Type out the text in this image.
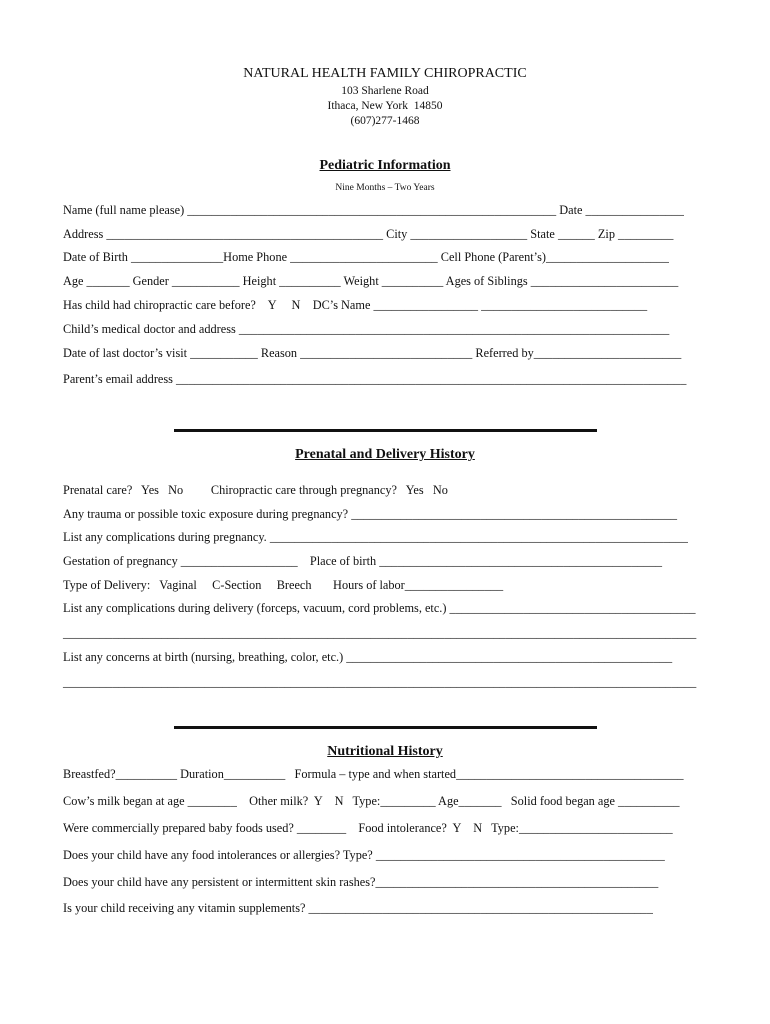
NATURAL HEALTH FAMILY CHIROPRACTIC
103 Sharlene Road
Ithaca, New York  14850
(607)277-1468
Pediatric Information
Nine Months – Two Years
Name (full name please) ____________________________________________________________ Date ________________
Address _____________________________________________ City ___________________ State ______ Zip _________
Date of Birth _______________Home Phone ________________________ Cell Phone (Parent’s)____________________
Age _______ Gender ___________ Height __________ Weight __________ Ages of Siblings ________________________
Has child had chiropractic care before?    Y     N    DC’s Name _________________ ___________________________
Child’s medical doctor and address ______________________________________________________________________
Date of last doctor’s visit ___________ Reason ____________________________ Referred by________________________
Parent’s email address ___________________________________________________________________________________
Prenatal and Delivery History
Prenatal care?   Yes   No         Chiropractic care through pregnancy?   Yes   No
Any trauma or possible toxic exposure during pregnancy? _____________________________________________________
List any complications during pregnancy. ____________________________________________________________________
Gestation of pregnancy ___________________    Place of birth ______________________________________________
Type of Delivery:   Vaginal     C-Section     Breech       Hours of labor________________
List any complications during delivery (forceps, vacuum, cord problems, etc.) ________________________________________
_______________________________________________________________________________________________________
List any concerns at birth (nursing, breathing, color, etc.) _____________________________________________________
_______________________________________________________________________________________________________
Nutritional History
Breastfed?__________ Duration__________   Formula – type and when started_____________________________________
Cow’s milk began at age ________    Other milk?  Y    N   Type:_________ Age_______   Solid food began age __________
Were commercially prepared baby foods used? ________    Food intolerance?  Y    N   Type:_________________________
Does your child have any food intolerances or allergies? Type? _______________________________________________
Does your child have any persistent or intermittent skin rashes?______________________________________________
Is your child receiving any vitamin supplements? ________________________________________________________
